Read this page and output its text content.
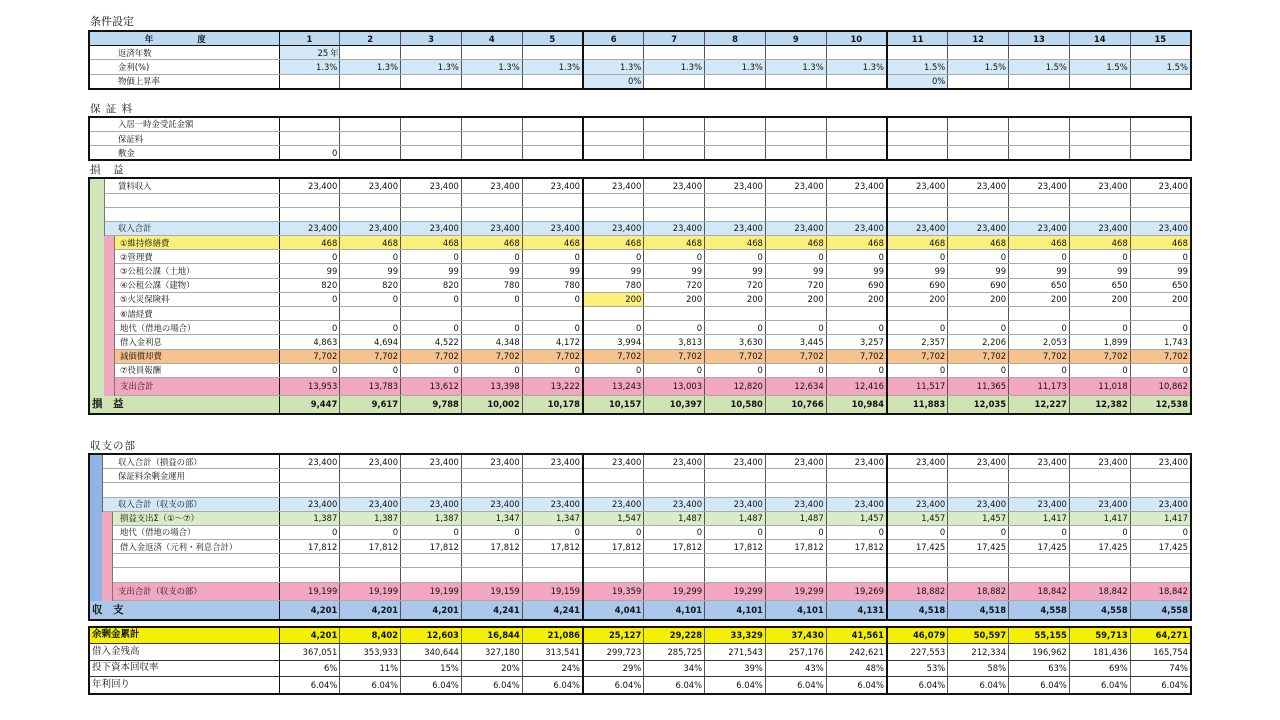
条件設定
年　度	1	2	3	4	5	6	7	8	9	10	11	12	13	14	15
返済年数	25 年														
金利(%)	1.3%	1.3%	1.3%	1.3%	1.3%	1.3%	1.3%	1.3%	1.3%	1.3%	1.5%	1.5%	1.5%	1.5%	1.5%
物価上昇率						0%					0%				
保 証 料
入居一時金受託金額															
保証料															
敷金	0														
損　益
賃料収入	23,400	23,400	23,400	23,400	23,400	23,400	23,400	23,400	23,400	23,400	23,400	23,400	23,400	23,400	23,400

収入合計	23,400	23,400	23,400	23,400	23,400	23,400	23,400	23,400	23,400	23,400	23,400	23,400	23,400	23,400	23,400
①維持修繕費	468	468	468	468	468	468	468	468	468	468	468	468	468	468	468
②管理費	0	0	0	0	0	0	0	0	0	0	0	0	0	0	0
③公租公課（土地）	99	99	99	99	99	99	99	99	99	99	99	99	99	99	99
④公租公課（建物）	820	820	820	780	780	780	720	720	720	690	690	690	650	650	650
⑤火災保険料	0	0	0	0	0	200	200	200	200	200	200	200	200	200	200
⑥諸経費															
地代（借地の場合）	0	0	0	0	0	0	0	0	0	0	0	0	0	0	0
借入金利息	4,863	4,694	4,522	4,348	4,172	3,994	3,813	3,630	3,445	3,257	2,357	2,206	2,053	1,899	1,743
減価償却費	7,702	7,702	7,702	7,702	7,702	7,702	7,702	7,702	7,702	7,702	7,702	7,702	7,702	7,702	7,702
⑦役員報酬	0	0	0	0	0	0	0	0	0	0	0	0	0	0	0
支出合計	13,953	13,783	13,612	13,398	13,222	13,243	13,003	12,820	12,634	12,416	11,517	11,365	11,173	11,018	10,862
損　益	9,447	9,617	9,788	10,002	10,178	10,157	10,397	10,580	10,766	10,984	11,883	12,035	12,227	12,382	12,538
収支の部
収入合計（損益の部）	23,400	23,400	23,400	23,400	23,400	23,400	23,400	23,400	23,400	23,400	23,400	23,400	23,400	23,400	23,400
保証料余剰金運用															

収入合計（収支の部）	23,400	23,400	23,400	23,400	23,400	23,400	23,400	23,400	23,400	23,400	23,400	23,400	23,400	23,400	23,400
損益支出Σ（①～⑦）	1,387	1,387	1,387	1,347	1,347	1,547	1,487	1,487	1,487	1,457	1,457	1,457	1,417	1,417	1,417
地代（借地の場合）	0	0	0	0	0	0	0	0	0	0	0	0	0	0	0
借入金返済（元利・利息合計）	17,812	17,812	17,812	17,812	17,812	17,812	17,812	17,812	17,812	17,812	17,425	17,425	17,425	17,425	17,425

支出合計（収支の部）	19,199	19,199	19,199	19,159	19,159	19,359	19,299	19,299	19,299	19,269	18,882	18,882	18,842	18,842	18,842
収　支	4,201	4,201	4,201	4,241	4,241	4,041	4,101	4,101	4,101	4,131	4,518	4,518	4,558	4,558	4,558
余剰金累計	4,201	8,402	12,603	16,844	21,086	25,127	29,228	33,329	37,430	41,561	46,079	50,597	55,155	59,713	64,271
借入金残高	367,051	353,933	340,644	327,180	313,541	299,723	285,725	271,543	257,176	242,621	227,553	212,334	196,962	181,436	165,754
投下資本回収率	6%	11%	15%	20%	24%	29%	34%	39%	43%	48%	53%	58%	63%	69%	74%
年利回り	6.04%	6.04%	6.04%	6.04%	6.04%	6.04%	6.04%	6.04%	6.04%	6.04%	6.04%	6.04%	6.04%	6.04%	6.04%
